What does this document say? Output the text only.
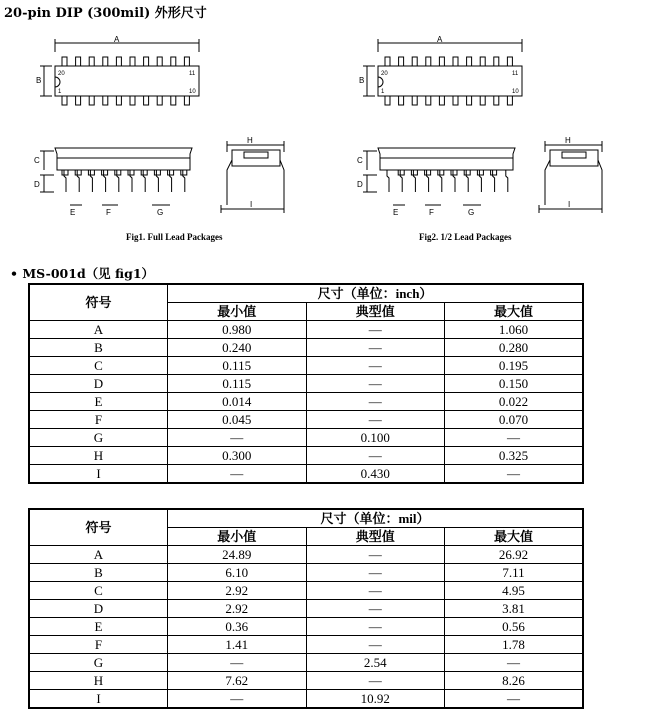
20-pin DIP (300mil) 外形尺寸
A
B
20	11
1	10
C
D
E	F	G
H
I
Fig1. Full Lead Packages
A
B
20	11
1	10
C
D
E	F	G
H
I
Fig2. 1/2 Lead Packages
• MS-001d（见 fig1）
符号	尺寸（单位：inch）		
	最小值	典型值	最大值
A	0.980	—	1.060
B	0.240	—	0.280
C	0.115	—	0.195
D	0.115	—	0.150
E	0.014	—	0.022
F	0.045	—	0.070
G	—	0.100	—
H	0.300	—	0.325
I	—	0.430	—
符号	尺寸（单位：mil）		
	最小值	典型值	最大值
A	24.89	—	26.92
B	6.10	—	7.11
C	2.92	—	4.95
D	2.92	—	3.81
E	0.36	—	0.56
F	1.41	—	1.78
G	—	2.54	—
H	7.62	—	8.26
I	—	10.92	—
